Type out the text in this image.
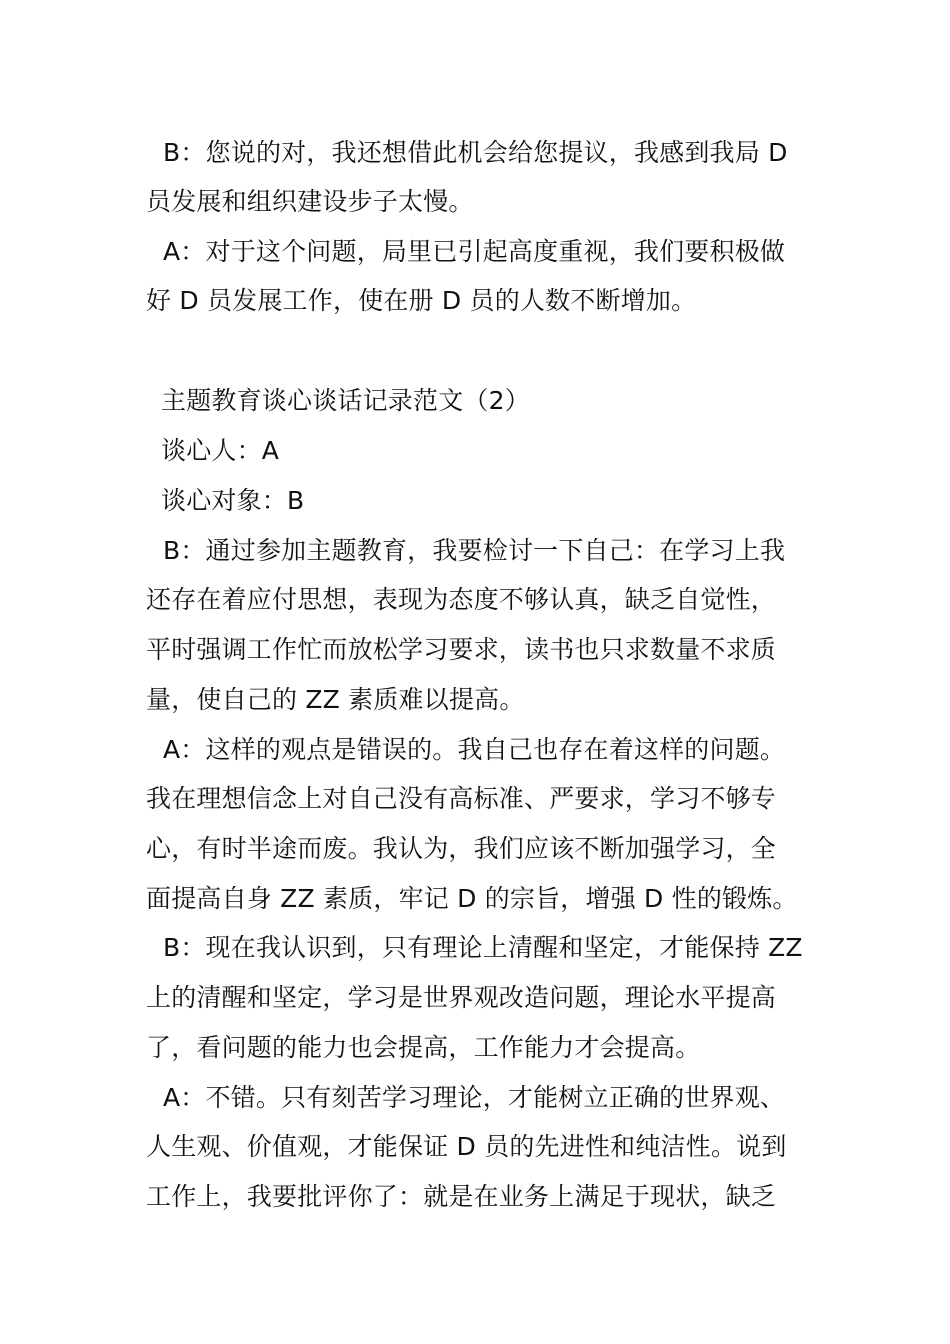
B：您说的对，我还想借此机会给您提议，我感到我局 D
员发展和组织建设步子太慢。
A：对于这个问题，局里已引起高度重视，我们要积极做
好 D 员发展工作，使在册 D 员的人数不断增加。
主题教育谈心谈话记录范文（2）
谈心人：A
谈心对象：B
B：通过参加主题教育，我要检讨一下自己：在学习上我
还存在着应付思想，表现为态度不够认真，缺乏自觉性，
平时强调工作忙而放松学习要求，读书也只求数量不求质
量，使自己的 ZZ 素质难以提高。
A：这样的观点是错误的。我自己也存在着这样的问题。
我在理想信念上对自己没有高标准、严要求，学习不够专
心，有时半途而废。我认为，我们应该不断加强学习，全
面提高自身 ZZ 素质，牢记 D 的宗旨，增强 D 性的锻炼。
B：现在我认识到，只有理论上清醒和坚定，才能保持 ZZ
上的清醒和坚定，学习是世界观改造问题，理论水平提高
了，看问题的能力也会提高，工作能力才会提高。
A：不错。只有刻苦学习理论，才能树立正确的世界观、
人生观、价值观，才能保证 D 员的先进性和纯洁性。说到
工作上，我要批评你了：就是在业务上满足于现状，缺乏
